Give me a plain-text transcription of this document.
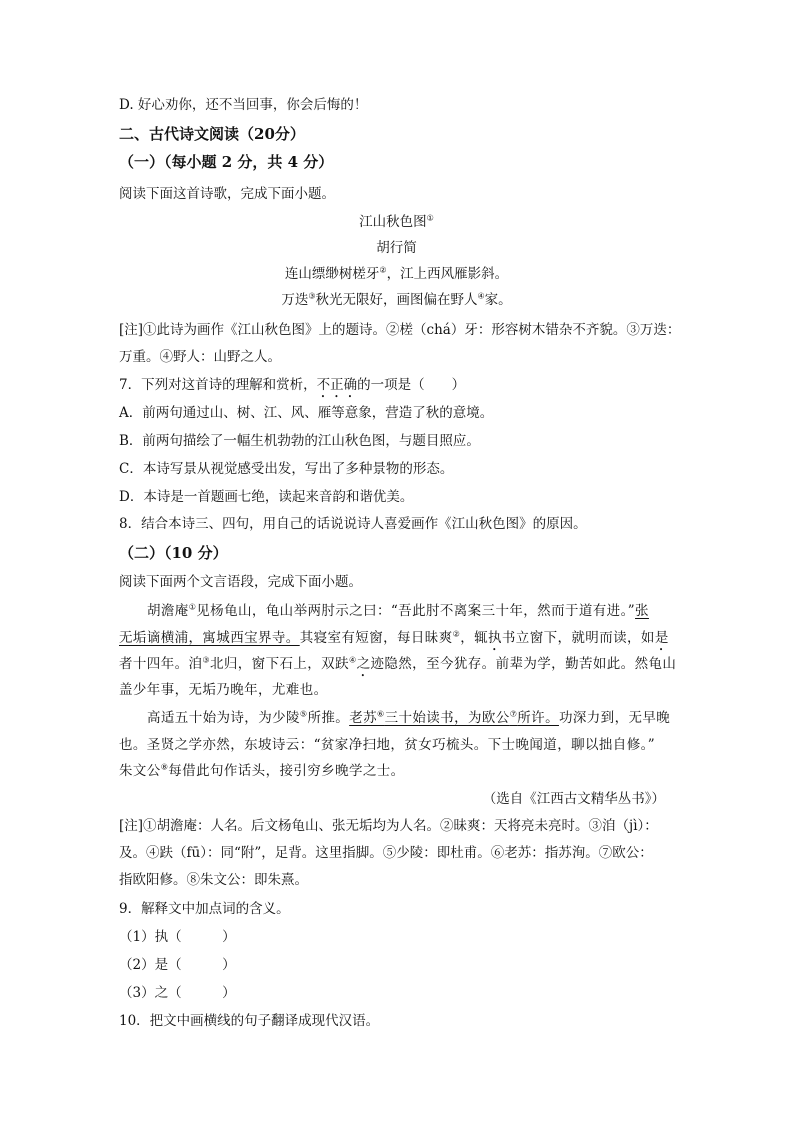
D. 好心劝你，还不当回事，你会后悔的！
二、古代诗文阅读（20分）
（一）（每小题 2 分，共 4 分）
阅读下面这首诗歌，完成下面小题。
江山秋色图①
胡行简
连山缥缈树槎牙②，江上西风雁影斜。
万迭③秋光无限好，画图偏在野人④家。
[注]①此诗为画作《江山秋色图》上的题诗。②槎（chá）牙：形容树木错杂不齐貌。③万迭：
万重。④野人：山野之人。
7．下列对这首诗的理解和赏析，不正确的一项是（　　）
A．前两句通过山、树、江、风、雁等意象，营造了秋的意境。
B．前两句描绘了一幅生机勃勃的江山秋色图，与题目照应。
C．本诗写景从视觉感受出发，写出了多种景物的形态。
D．本诗是一首题画七绝，读起来音韵和谐优美。
8．结合本诗三、四句，用自己的话说说诗人喜爱画作《江山秋色图》的原因。
（二）（10 分）
阅读下面两个文言语段，完成下面小题。
胡澹庵①见杨龟山，龟山举两肘示之曰：“吾此肘不离案三十年，然而于道有进。”张
无垢谪横浦，寓城西宝界寺。其寝室有短窗，每日昧爽②，辄执书立窗下，就明而读，如是
者十四年。洎③北归，窗下石上，双趺④之迹隐然，至今犹存。前辈为学，勤苦如此。然龟山
盖少年事，无垢乃晚年，尤难也。
高适五十始为诗，为少陵⑤所推。老苏⑥三十始读书，为欧公⑦所许。功深力到，无早晚
也。圣贤之学亦然，东坡诗云：“贫家净扫地，贫女巧梳头。下士晚闻道，聊以拙自修。”
朱文公⑧每借此句作话头，接引穷乡晚学之士。
（选自《江西古文精华丛书》）
[注]①胡澹庵：人名。后文杨龟山、张无垢均为人名。②昧爽：天将亮未亮时。③洎（jì）：
及。④趺（fū）：同“附”，足背。这里指脚。⑤少陵：即杜甫。⑥老苏：指苏洵。⑦欧公：
指欧阳修。⑧朱文公：即朱熹。
9．解释文中加点词的含义。
（1）执（　　　）
（2）是（　　　）
（3）之（　　　）
10．把文中画横线的句子翻译成现代汉语。
